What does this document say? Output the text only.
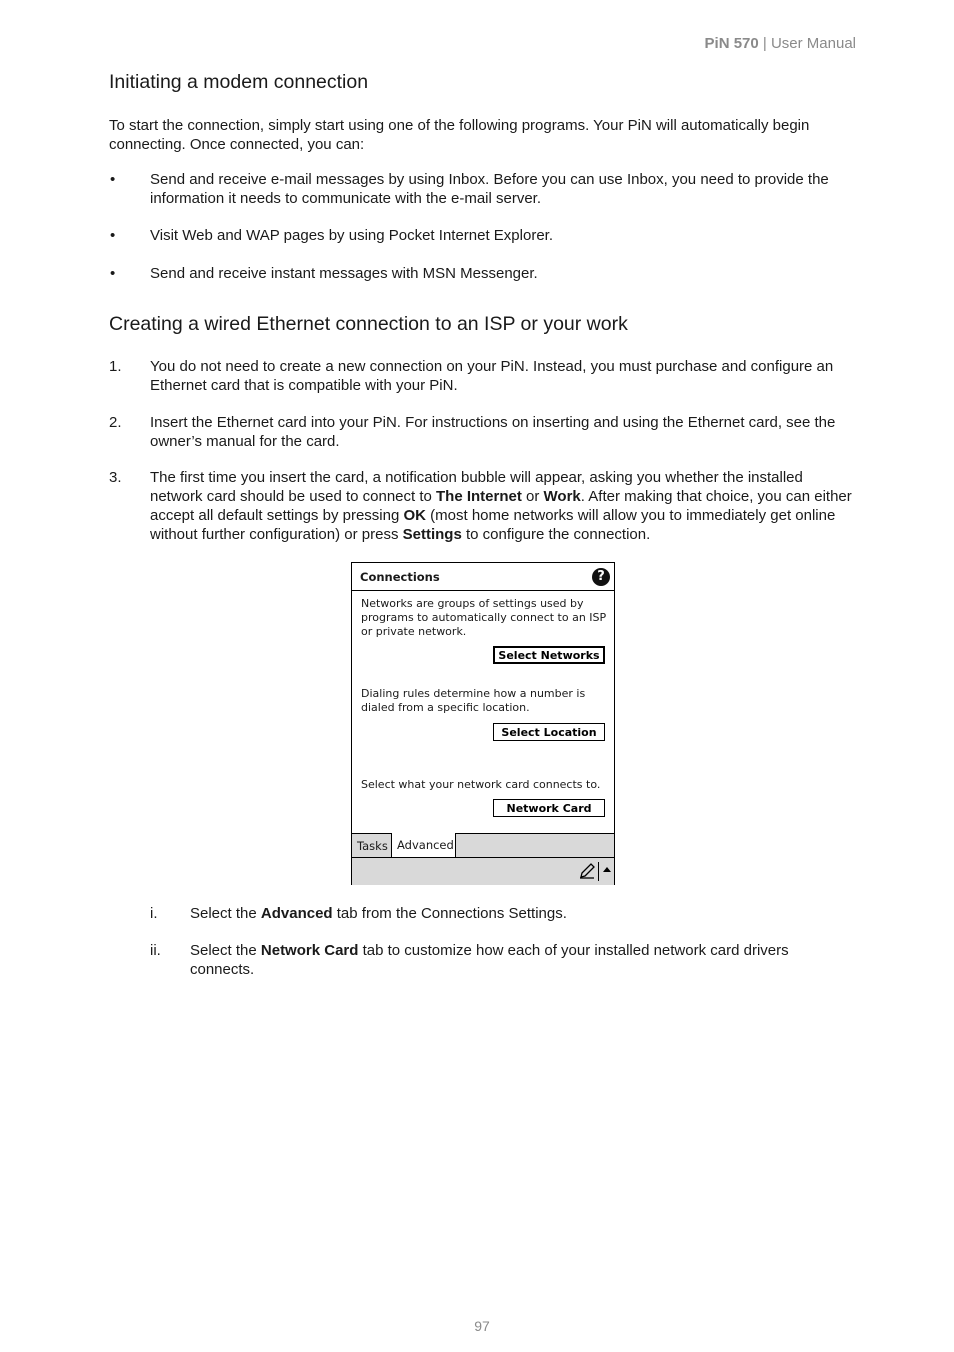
PiN 570 | User Manual
Initiating a modem connection

To start the connection, simply start using one of the following programs. Your PiN will automatically begin connecting. Once connected, you can:

•	Send and receive e-mail messages by using Inbox. Before you can use Inbox, you need to provide the information it needs to communicate with the e-mail server.
•	Visit Web and WAP pages by using Pocket Internet Explorer.
•	Send and receive instant messages with MSN Messenger.
Creating a wired Ethernet connection to an ISP or your work
1.	You do not need to create a new connection on your PiN. Instead, you must purchase and configure an Ethernet card that is compatible with your PiN.
2.	Insert the Ethernet card into your PiN. For instructions on inserting and using the Ethernet card, see the owner’s manual for the card.
3.	The first time you insert the card, a notification bubble will appear, asking you whether the installed network card should be used to connect to The Internet or Work. After making that choice, you can either accept all default settings by pressing OK (most home networks will allow you to immediately get online without further configuration) or press Settings to configure the connection.
Connections	?
Networks are groups of settings used by programs to automatically connect to an ISP or private network.
Select Networks
Dialing rules determine how a number is dialed from a specific location.
Select Location
Select what your network card connects to.
Network Card
Tasks Advanced
i. Select the Advanced tab from the Connections Settings.
ii. Select the Network Card tab to customize how each of your installed network card drivers connects.
97
